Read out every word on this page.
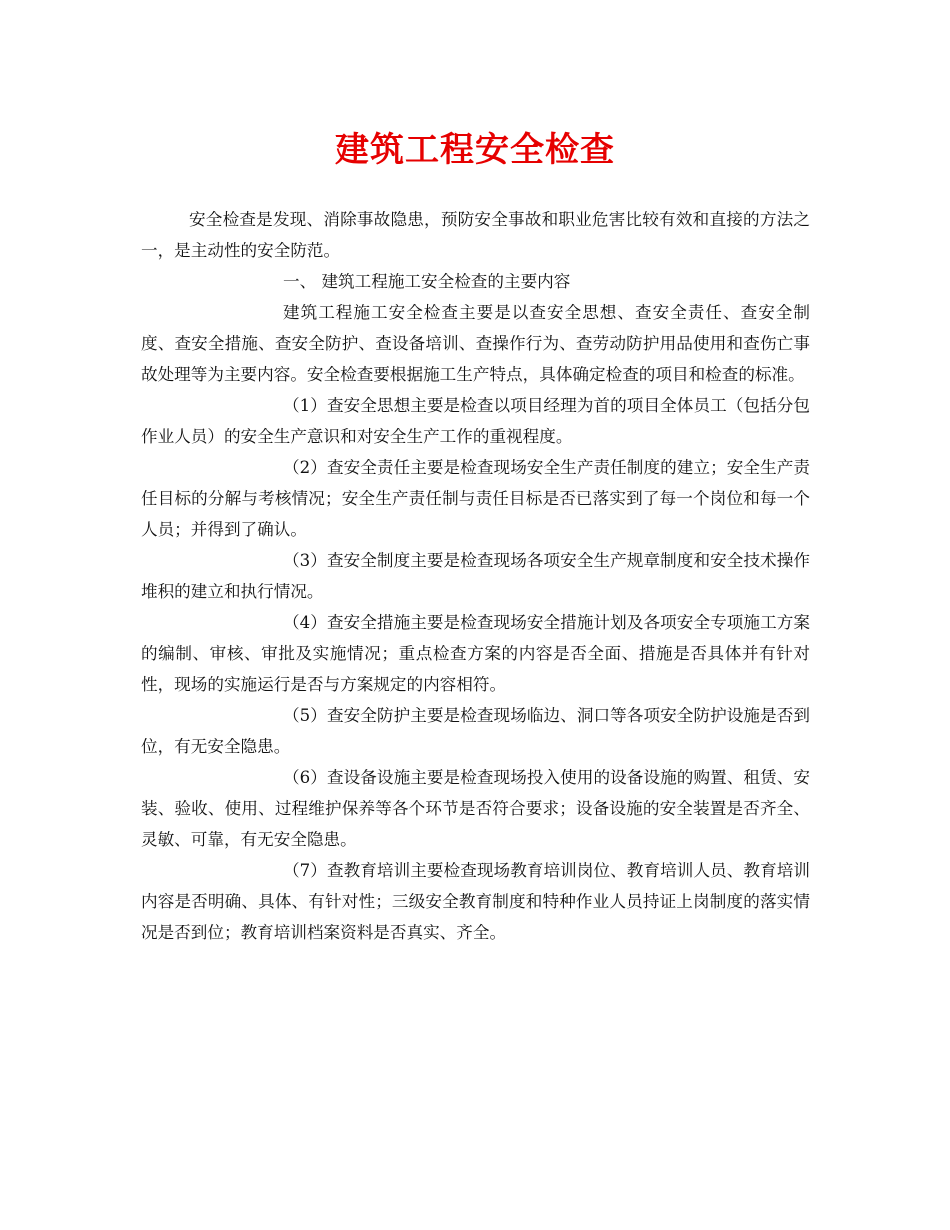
建筑工程安全检查

安全检查是发现、消除事故隐患，预防安全事故和职业危害比较有效和直接的方法之一，是主动性的安全防范。

一、 建筑工程施工安全检查的主要内容

建筑工程施工安全检查主要是以查安全思想、查安全责任、查安全制度、查安全措施、查安全防护、查设备培训、查操作行为、查劳动防护用品使用和查伤亡事故处理等为主要内容。安全检查要根据施工生产特点，具体确定检查的项目和检查的标准。

（1）查安全思想主要是检查以项目经理为首的项目全体员工（包括分包作业人员）的安全生产意识和对安全生产工作的重视程度。

（2）查安全责任主要是检查现场安全生产责任制度的建立；安全生产责任目标的分解与考核情况；安全生产责任制与责任目标是否已落实到了每一个岗位和每一个人员；并得到了确认。

（3）查安全制度主要是检查现场各项安全生产规章制度和安全技术操作堆积的建立和执行情况。

（4）查安全措施主要是检查现场安全措施计划及各项安全专项施工方案的编制、审核、审批及实施情况；重点检查方案的内容是否全面、措施是否具体并有针对性，现场的实施运行是否与方案规定的内容相符。

（5）查安全防护主要是检查现场临边、洞口等各项安全防护设施是否到位，有无安全隐患。

（6）查设备设施主要是检查现场投入使用的设备设施的购置、租赁、安装、验收、使用、过程维护保养等各个环节是否符合要求；设备设施的安全装置是否齐全、灵敏、可靠，有无安全隐患。

（7）查教育培训主要检查现场教育培训岗位、教育培训人员、教育培训内容是否明确、具体、有针对性；三级安全教育制度和特种作业人员持证上岗制度的落实情况是否到位；教育培训档案资料是否真实、齐全。
